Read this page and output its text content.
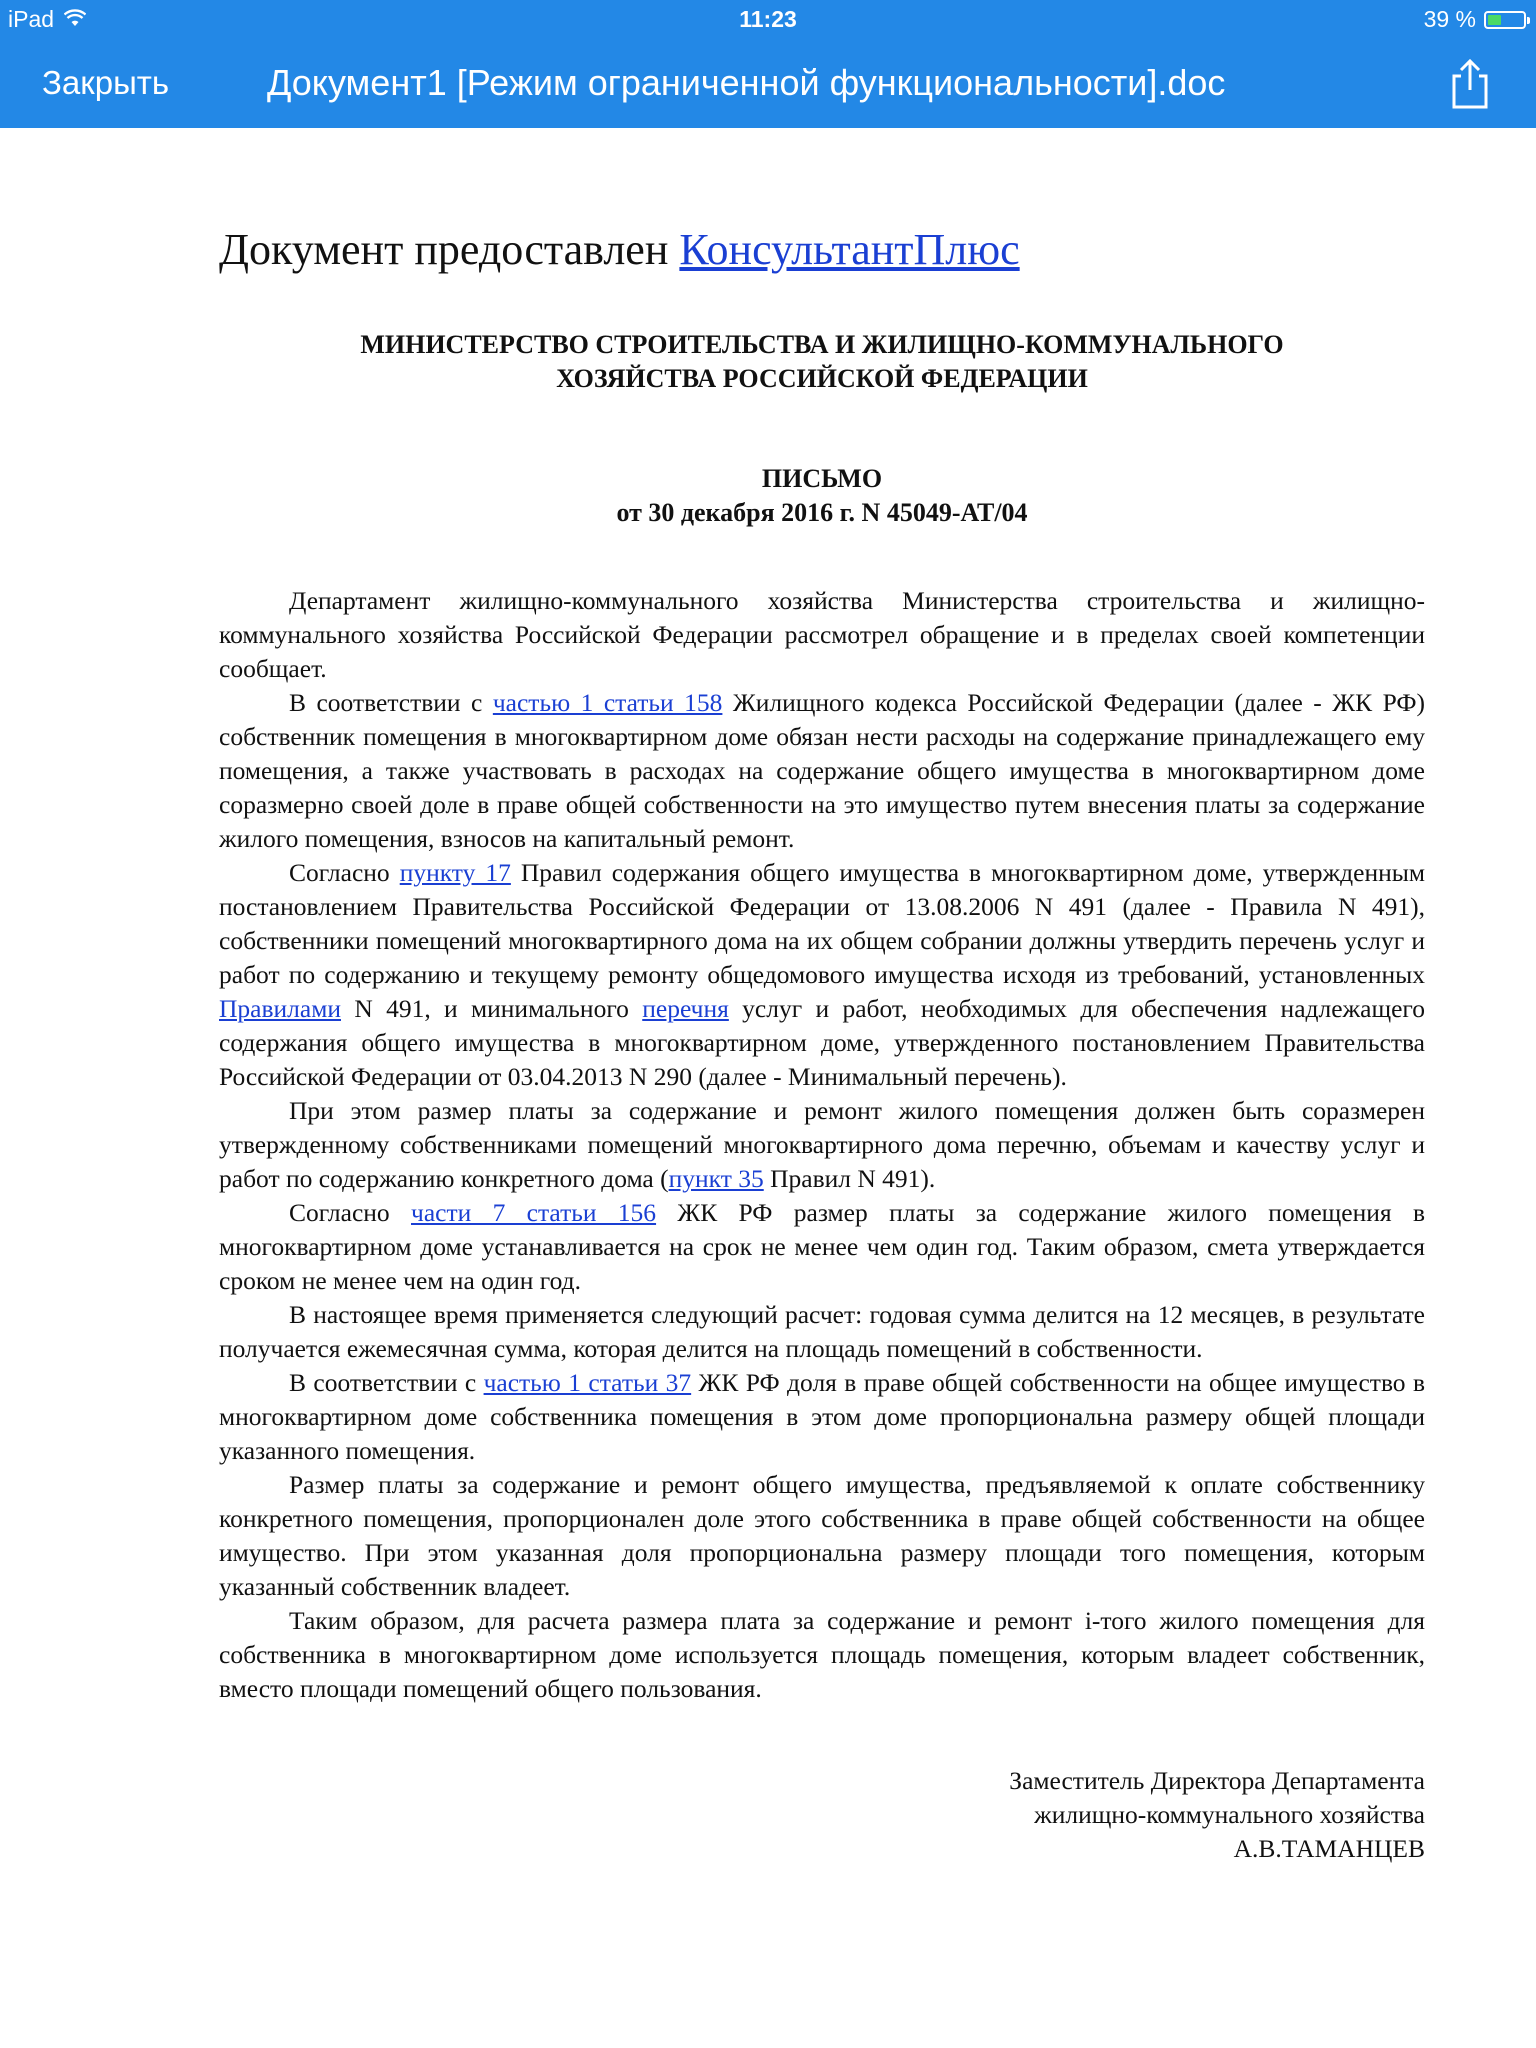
iPad	11:23	39 %
Закрыть	Документ1 [Режим ограниченной функциональности].doc

Документ предоставлен КонсультантПлюс

МИНИСТЕРСТВО СТРОИТЕЛЬСТВА И ЖИЛИЩНО-КОММУНАЛЬНОГО
ХОЗЯЙСТВА РОССИЙСКОЙ ФЕДЕРАЦИИ
ПИСЬМО
от 30 декабря 2016 г. N 45049-АТ/04

Департамент жилищно-коммунального хозяйства Министерства строительства и жилищно-коммунального хозяйства Российской Федерации рассмотрел обращение и в пределах своей компетенции сообщает.

В соответствии с частью 1 статьи 158 Жилищного кодекса Российской Федерации (далее - ЖК РФ) собственник помещения в многоквартирном доме обязан нести расходы на содержание принадлежащего ему помещения, а также участвовать в расходах на содержание общего имущества в многоквартирном доме соразмерно своей доле в праве общей собственности на это имущество путем внесения платы за содержание жилого помещения, взносов на капитальный ремонт.

Согласно пункту 17 Правил содержания общего имущества в многоквартирном доме, утвержденным постановлением Правительства Российской Федерации от 13.08.2006 N 491 (далее - Правила N 491), собственники помещений многоквартирного дома на их общем собрании должны утвердить перечень услуг и работ по содержанию и текущему ремонту общедомового имущества исходя из требований, установленных Правилами N 491, и минимального перечня услуг и работ, необходимых для обеспечения надлежащего содержания общего имущества в многоквартирном доме, утвержденного постановлением Правительства Российской Федерации от 03.04.2013 N 290 (далее - Минимальный перечень).

При этом размер платы за содержание и ремонт жилого помещения должен быть соразмерен утвержденному собственниками помещений многоквартирного дома перечню, объемам и качеству услуг и работ по содержанию конкретного дома (пункт 35 Правил N 491).

Согласно части 7 статьи 156 ЖК РФ размер платы за содержание жилого помещения в многоквартирном доме устанавливается на срок не менее чем один год. Таким образом, смета утверждается сроком не менее чем на один год.

В настоящее время применяется следующий расчет: годовая сумма делится на 12 месяцев, в результате получается ежемесячная сумма, которая делится на площадь помещений в собственности.

В соответствии с частью 1 статьи 37 ЖК РФ доля в праве общей собственности на общее имущество в многоквартирном доме собственника помещения в этом доме пропорциональна размеру общей площади указанного помещения.

Размер платы за содержание и ремонт общего имущества, предъявляемой к оплате собственнику конкретного помещения, пропорционален доле этого собственника в праве общей собственности на общее имущество. При этом указанная доля пропорциональна размеру площади того помещения, которым указанный собственник владеет.

Таким образом, для расчета размера плата за содержание и ремонт i-того жилого помещения для собственника в многоквартирном доме используется площадь помещения, которым владеет собственник, вместо площади помещений общего пользования.

Заместитель Директора Департамента
жилищно-коммунального хозяйства
А.В.ТАМАНЦЕВ
